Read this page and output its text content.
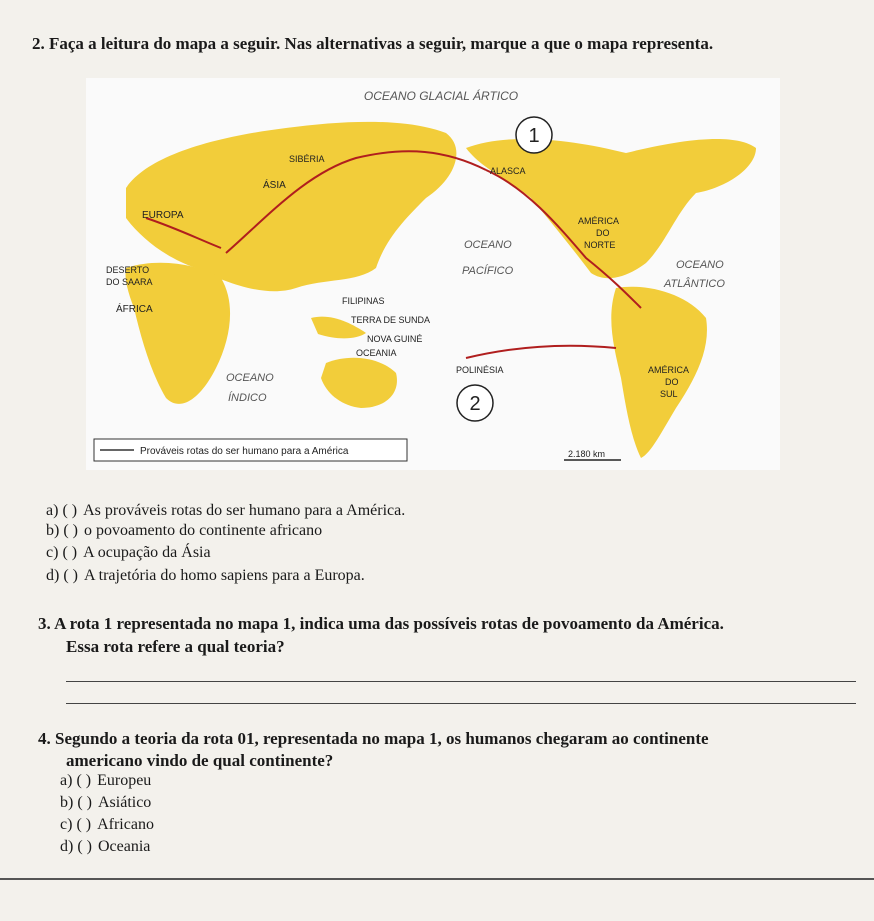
2. Faça a leitura do mapa a seguir. Nas alternativas a seguir, marque a que o mapa representa.
1
2
OCEANO GLACIAL ÁRTICO
SIBÉRIA
ÁSIA
EUROPA
DESERTO
DO SAARA
ÁFRICA
ALASCA
AMÉRICA
DO
NORTE
OCEANO
PACÍFICO	OCEANO
ATLÂNTICO
FILIPINAS
TERRA DE SUNDA
NOVA GUINÉ
OCEANIA
OCEANO
ÍNDICO
POLINÉSIA	AMÉRICA
DO
SUL
Prováveis rotas do ser humano para a América	2.180 km
a) ( ) As prováveis rotas do ser humano para a América.
b) ( ) o povoamento do continente africano
c) ( ) A ocupação da Ásia
d) ( ) A trajetória do homo sapiens para a Europa.
3. A rota 1 representada no mapa 1, indica uma das possíveis rotas de povoamento da América.
Essa rota refere a qual teoria?
4. Segundo a teoria da rota 01, representada no mapa 1, os humanos chegaram ao continente
americano vindo de qual continente?
a) ( ) Europeu
b) ( ) Asiático
c) ( ) Africano
d) ( ) Oceania
